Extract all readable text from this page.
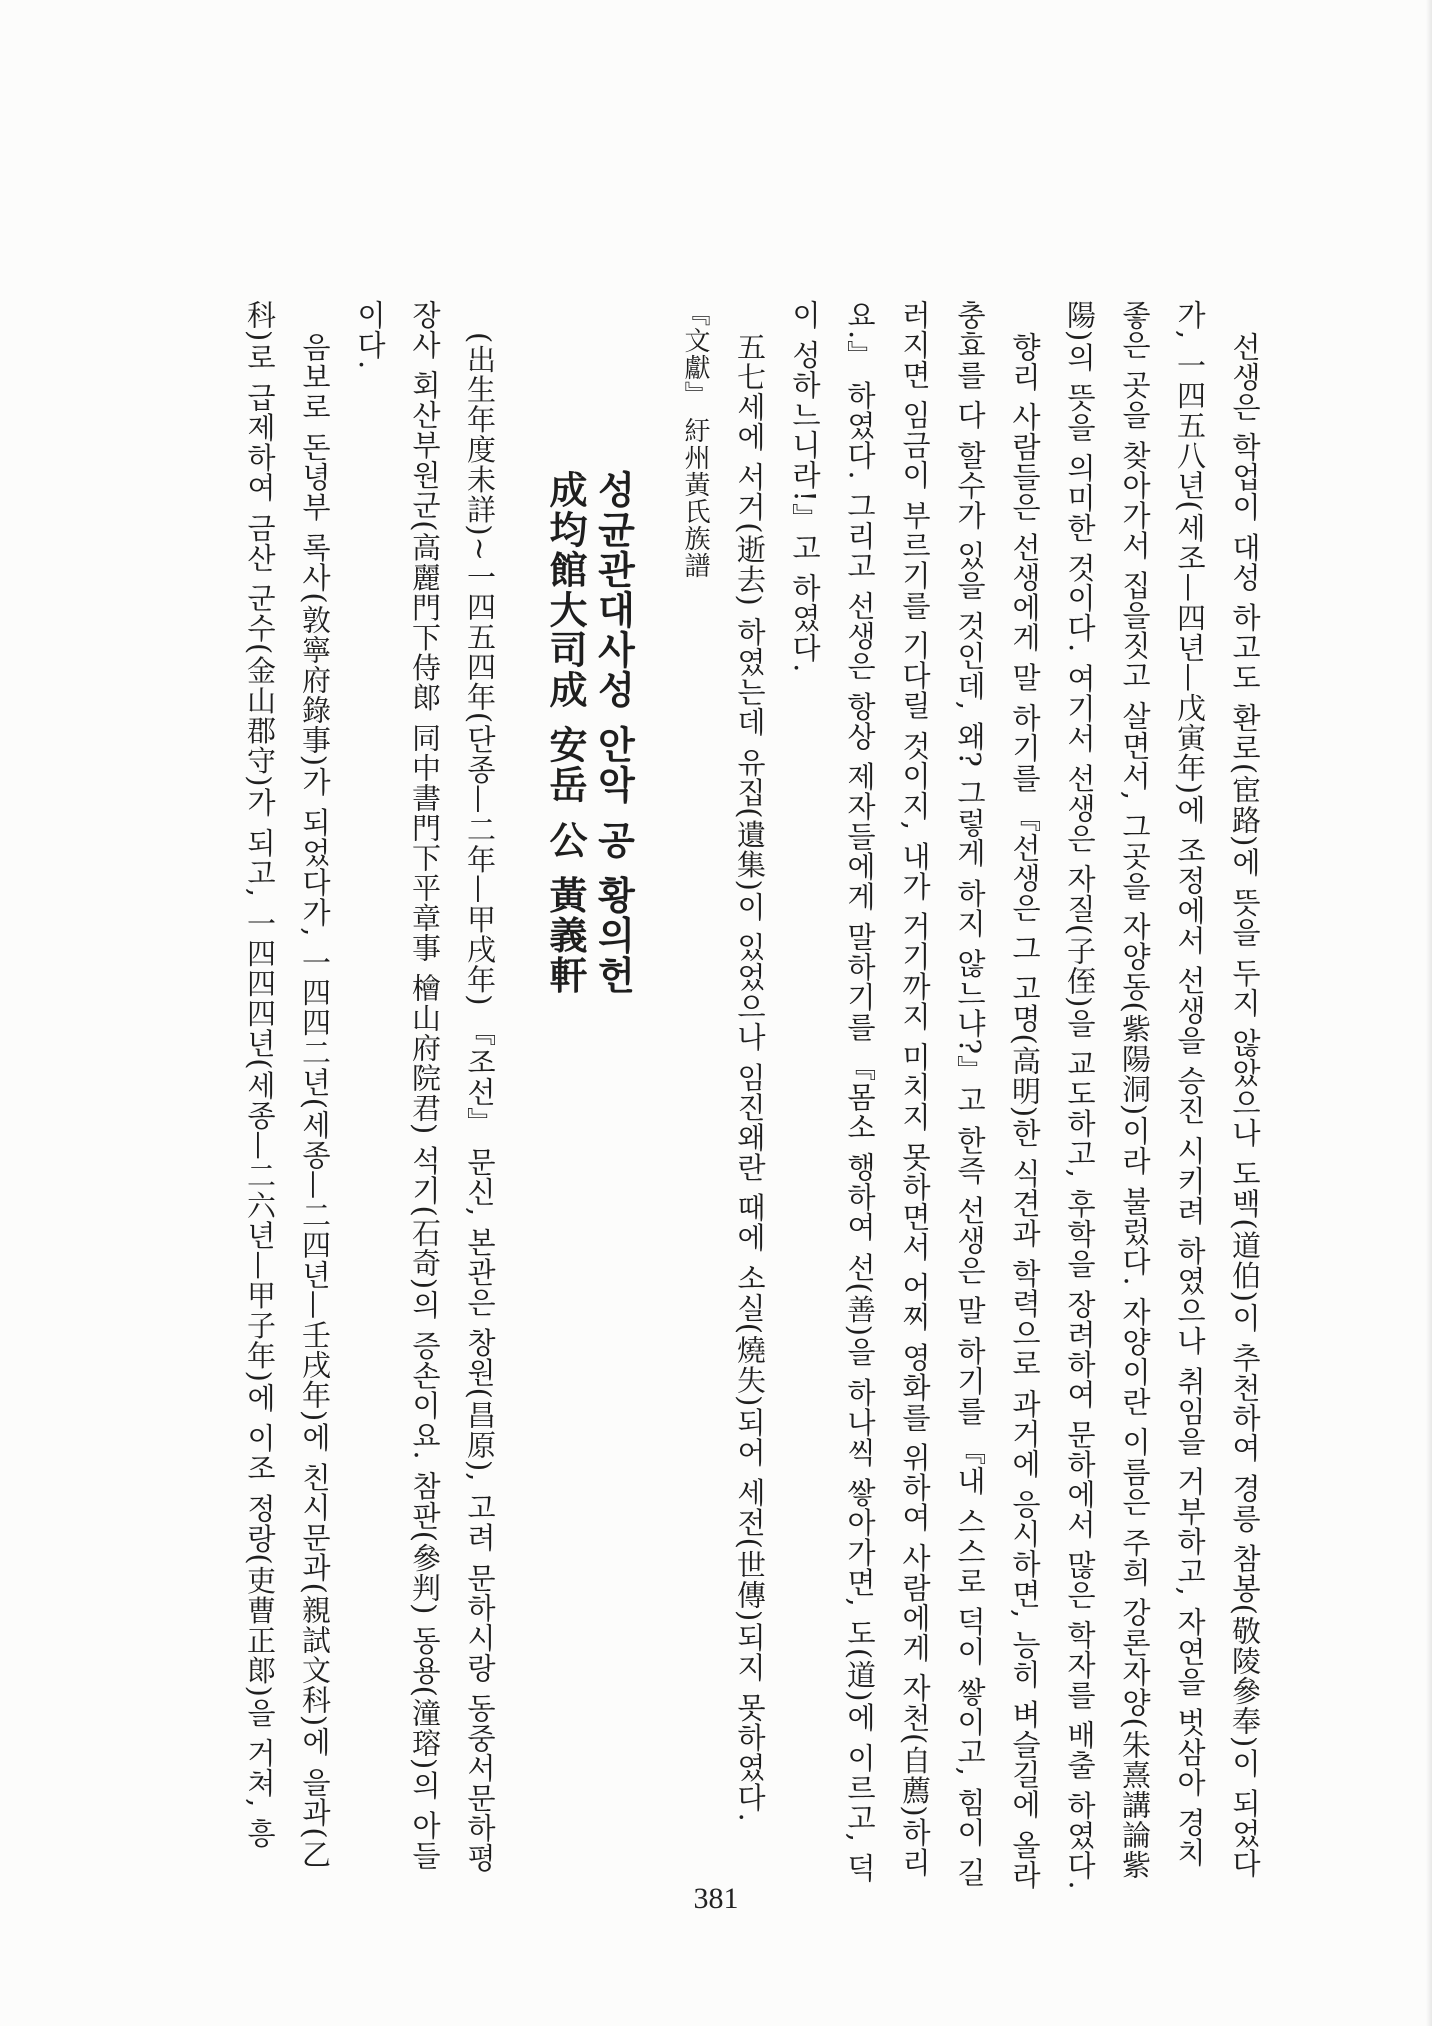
선생은 학업이 대성 하고도 환로(宦路)에 뜻을 두지 않았으나 도백(道伯)이 추천하여 경릉 참봉(敬陵參奉)이 되었다가, 一四五八년(세조—四년—戊寅年)에 조정에서 선생을 승진 시키려 하였으나 취임을 거부하고, 자연을 벗삼아 경치 좋은 곳을 찾아가서 집을짓고 살면서, 그곳을 자양동(紫陽洞)이라 불렀다. 자양이란 이름은 주희 강론자양(朱熹講論紫陽)의 뜻을 의미한 것이다. 여기서 선생은 자질(子侄)을 교도하고, 후학을 장려하여 문하에서 많은 학자를 배출 하였다.

향리 사람들은 선생에게 말 하기를 『선생은 그 고명(高明)한 식견과 학력으로 과거에 응시하면, 능히 벼슬길에 올라 충효를 다 할수가 있을 것인데, 왜? 그렇게 하지 않느냐?』고 한즉 선생은 말 하기를 『내 스스로 덕이 쌓이고, 힘이 길러지면 임금이 부르기를 기다릴 것이지, 내가 거기까지 미치지 못하면서 어찌 영화를 위하여 사람에게 자천(自薦)하리요.』 하였다. 그리고 선생은 항상 제자들에게 말하기를 『몸소 행하여 선(善)을 하나씩 쌓아가면, 도(道)에 이르고, 덕이 성하느니라!』고 하였다.

五七세에 서거(逝去) 하였는데 유집(遺集)이 있었으나 임진왜란 때에 소실(燒失)되어 세전(世傳)되지 못하였다.

『文獻』 紆州黃氏族譜

성균관대사성 안악 공 황의헌

成均館大司成 安岳 公 黃義軒

(出生年度未詳)~一四五四年(단종—二年—甲戌年) 『조선』 문신, 본관은 창원(昌原), 고려 문하시랑 동중서문하평장사 회산부원군(高麗門下侍郞 同中書門下平章事 檜山府院君) 석기(石奇)의 증손이요. 참판(參判) 동용(潼瑢)의 아들이다.

음보로 돈녕부 록사(敦寧府錄事)가 되었다가, 一四四二년(세종—二四년—壬戌年)에 친시문과(親試文科)에 을과(乙科)로 급제하여 금산 군수(金山郡守)가 되고, 一四四四년(세종—二六년—甲子年)에 이조 정랑(吏曹正郞)을 거쳐, 흥

381
